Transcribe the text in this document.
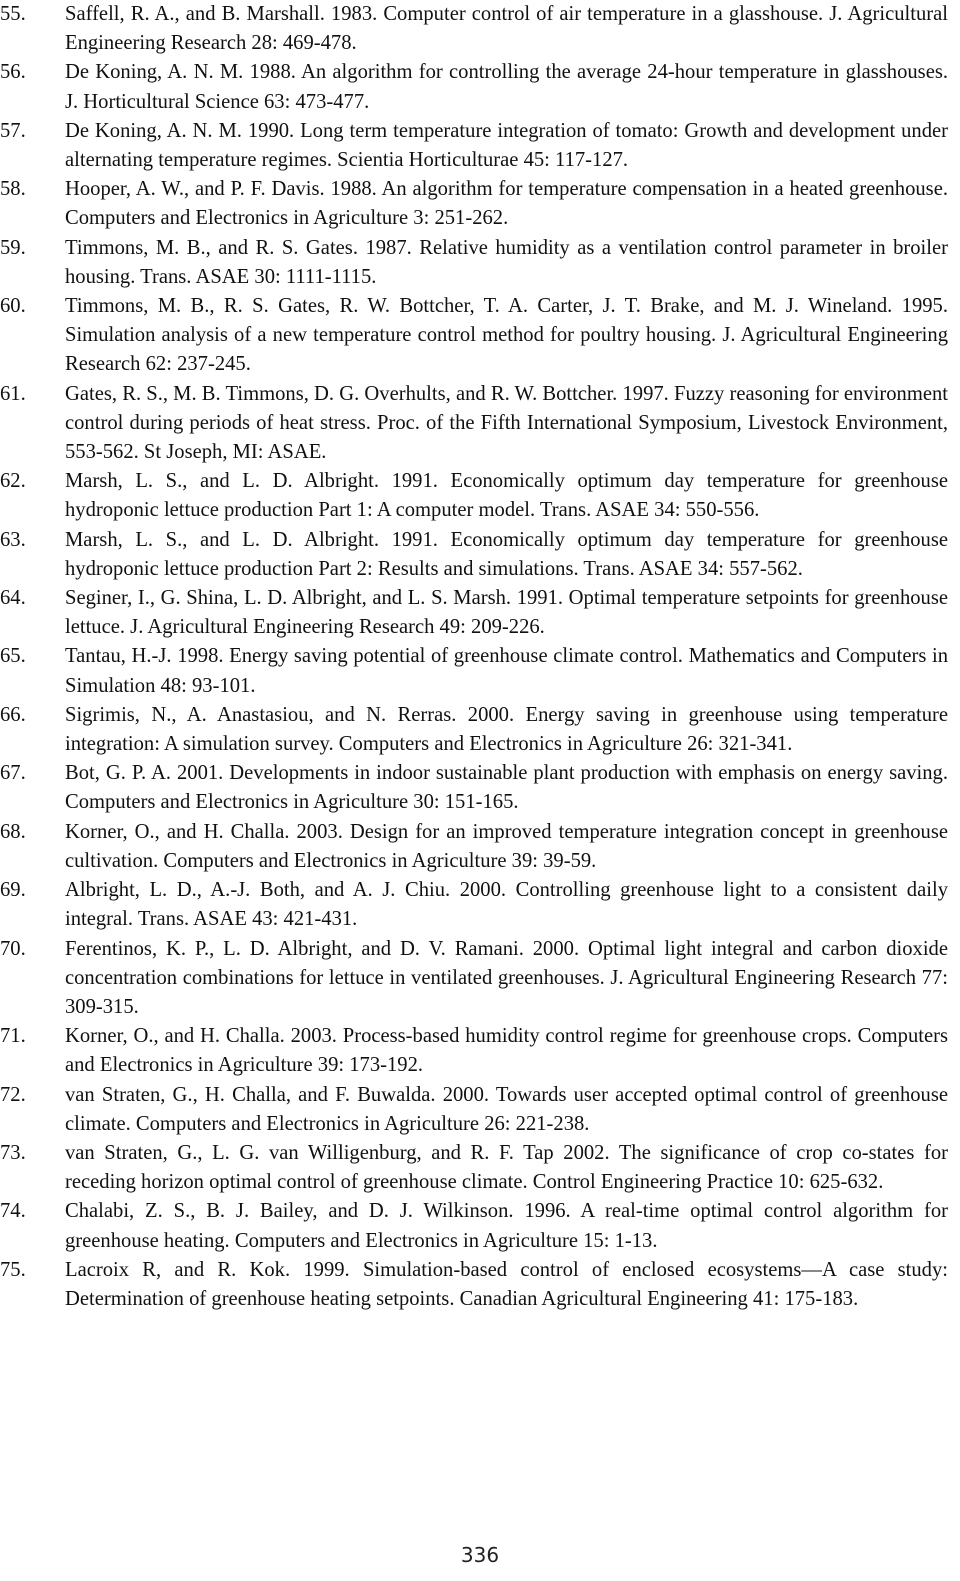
55. Saffell, R. A., and B. Marshall. 1983. Computer control of air temperature in a glasshouse. J. Agricultural Engineering Research 28: 469-478.
56. De Koning, A. N. M. 1988. An algorithm for controlling the average 24-hour temperature in glasshouses. J. Horticultural Science 63: 473-477.
57. De Koning, A. N. M. 1990. Long term temperature integration of tomato: Growth and development under alternating temperature regimes. Scientia Horticulturae 45: 117-127.
58. Hooper, A. W., and P. F. Davis. 1988. An algorithm for temperature compensation in a heated greenhouse. Computers and Electronics in Agriculture 3: 251-262.
59. Timmons, M. B., and R. S. Gates. 1987. Relative humidity as a ventilation control parameter in broiler housing. Trans. ASAE 30: 1111-1115.
60. Timmons, M. B., R. S. Gates, R. W. Bottcher, T. A. Carter, J. T. Brake, and M. J. Wineland. 1995. Simulation analysis of a new temperature control method for poultry housing. J. Agricultural Engineering Research 62: 237-245.
61. Gates, R. S., M. B. Timmons, D. G. Overhults, and R. W. Bottcher. 1997. Fuzzy reasoning for environment control during periods of heat stress. Proc. of the Fifth International Symposium, Livestock Environment, 553-562. St Joseph, MI: ASAE.
62. Marsh, L. S., and L. D. Albright. 1991. Economically optimum day temperature for greenhouse hydroponic lettuce production Part 1: A computer model. Trans. ASAE 34: 550-556.
63. Marsh, L. S., and L. D. Albright. 1991. Economically optimum day temperature for greenhouse hydroponic lettuce production Part 2: Results and simulations. Trans. ASAE 34: 557-562.
64. Seginer, I., G. Shina, L. D. Albright, and L. S. Marsh. 1991. Optimal temperature setpoints for greenhouse lettuce. J. Agricultural Engineering Research 49: 209-226.
65. Tantau, H.-J. 1998. Energy saving potential of greenhouse climate control. Mathematics and Computers in Simulation 48: 93-101.
66. Sigrimis, N., A. Anastasiou, and N. Rerras. 2000. Energy saving in greenhouse using temperature integration: A simulation survey. Computers and Electronics in Agriculture 26: 321-341.
67. Bot, G. P. A. 2001. Developments in indoor sustainable plant production with emphasis on energy saving. Computers and Electronics in Agriculture 30: 151-165.
68. Korner, O., and H. Challa. 2003. Design for an improved temperature integration concept in greenhouse cultivation. Computers and Electronics in Agriculture 39: 39-59.
69. Albright, L. D., A.-J. Both, and A. J. Chiu. 2000. Controlling greenhouse light to a consistent daily integral. Trans. ASAE 43: 421-431.
70. Ferentinos, K. P., L. D. Albright, and D. V. Ramani. 2000. Optimal light integral and carbon dioxide concentration combinations for lettuce in ventilated greenhouses. J. Agricultural Engineering Research 77: 309-315.
71. Korner, O., and H. Challa. 2003. Process-based humidity control regime for greenhouse crops. Computers and Electronics in Agriculture 39: 173-192.
72. van Straten, G., H. Challa, and F. Buwalda. 2000. Towards user accepted optimal control of greenhouse climate. Computers and Electronics in Agriculture 26: 221-238.
73. van Straten, G., L. G. van Willigenburg, and R. F. Tap 2002. The significance of crop co-states for receding horizon optimal control of greenhouse climate. Control Engineering Practice 10: 625-632.
74. Chalabi, Z. S., B. J. Bailey, and D. J. Wilkinson. 1996. A real-time optimal control algorithm for greenhouse heating. Computers and Electronics in Agriculture 15: 1-13.
75. Lacroix R, and R. Kok. 1999. Simulation-based control of enclosed ecosystems—A case study: Determination of greenhouse heating setpoints. Canadian Agricultural Engineering 41: 175-183.
336
